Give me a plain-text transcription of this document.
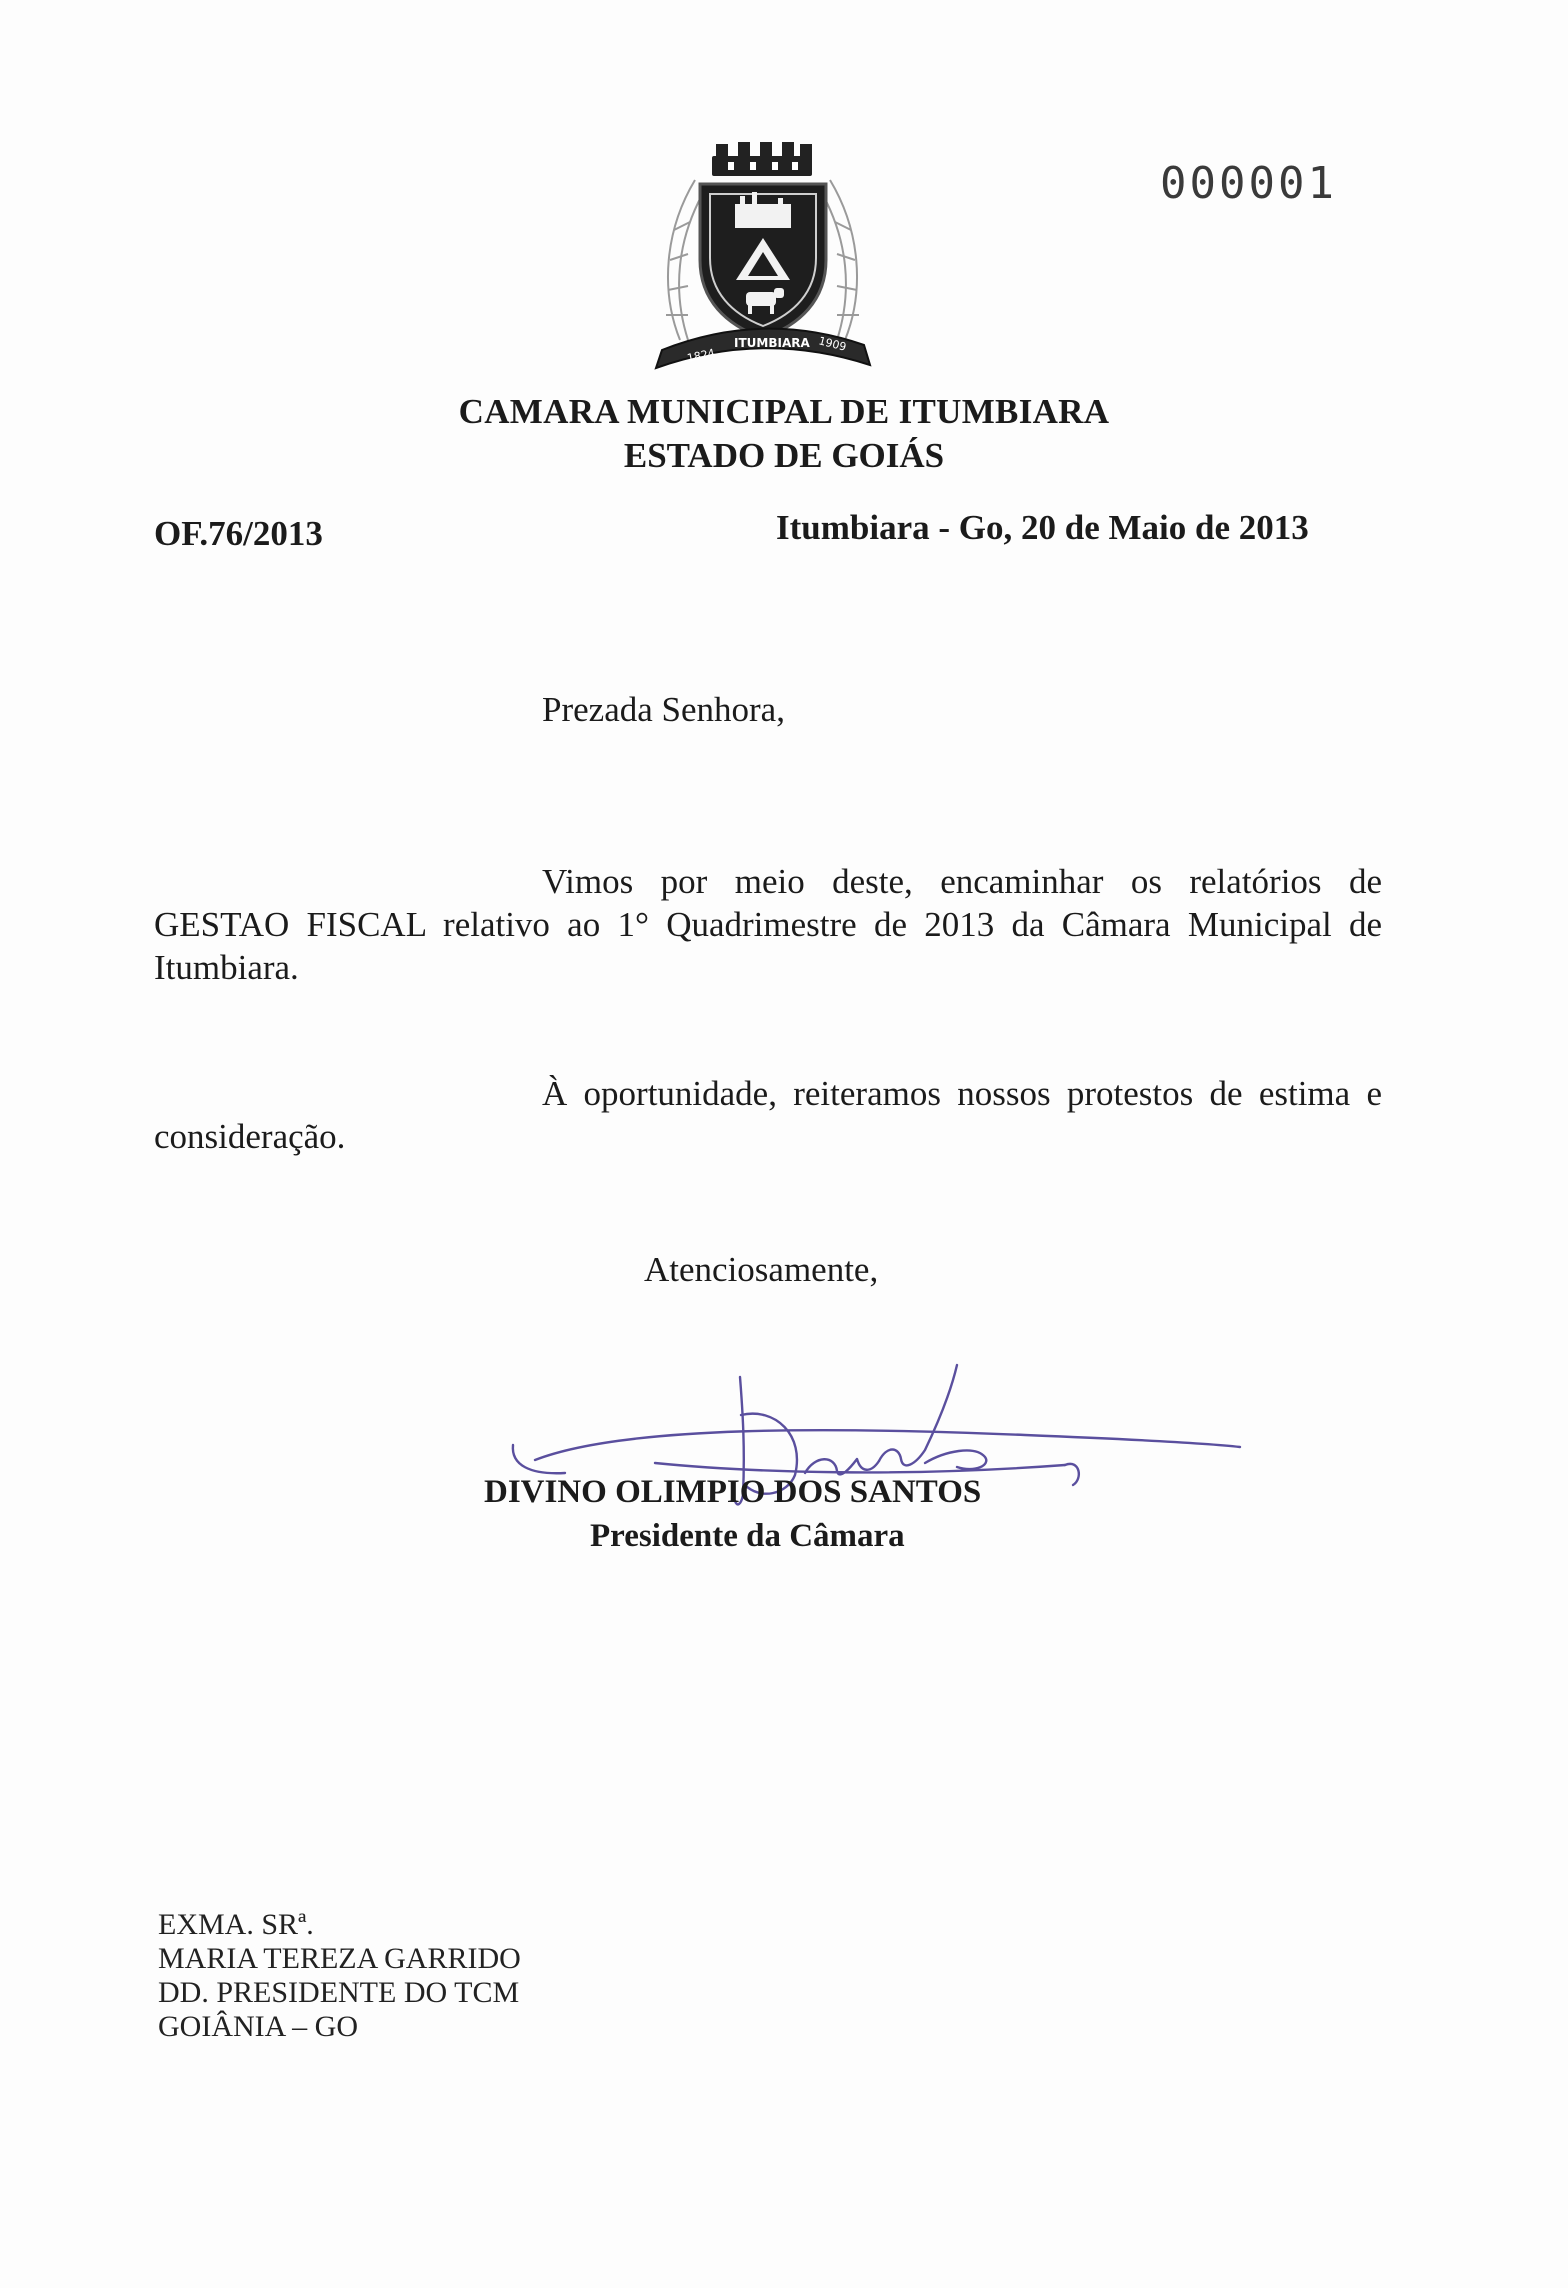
1824
ITUMBIARA 1909
000001
CAMARA MUNICIPAL DE ITUMBIARA
ESTADO DE GOIÁS
OF.76/2013	Itumbiara - Go, 20 de Maio de 2013
Prezada Senhora,
Vimos por meio deste, encaminhar os relatórios de GESTAO FISCAL relativo ao 1° Quadrimestre de 2013 da Câmara Municipal de Itumbiara.
À oportunidade, reiteramos nossos protestos de estima e consideração.
Atenciosamente,
DIVINO OLIMPIO DOS SANTOS
Presidente da Câmara
EXMA. SRª.
MARIA TEREZA GARRIDO
DD. PRESIDENTE DO TCM
GOIÂNIA – GO
